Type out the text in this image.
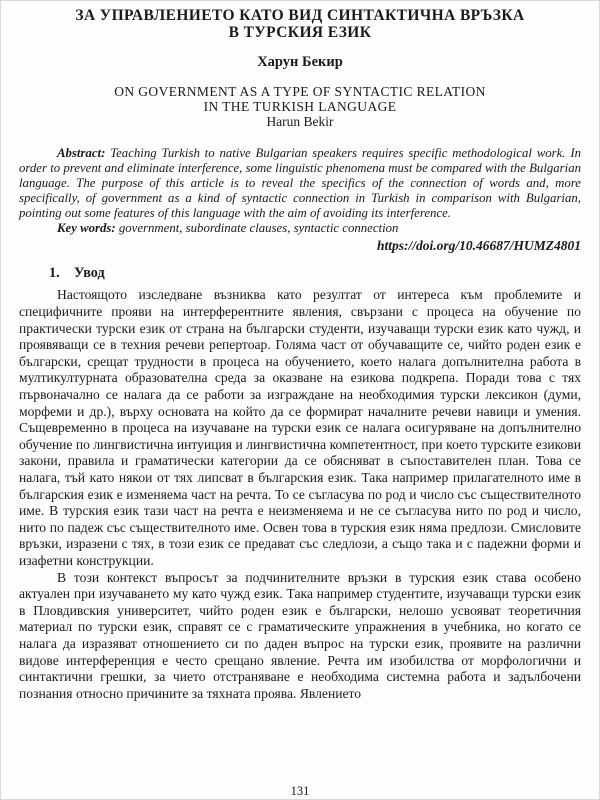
ЗА УПРАВЛЕНИЕТО КАТО ВИД СИНТАКТИЧНА ВРЪЗКА
В ТУРСКИЯ ЕЗИК

Харун Бекир

ON GOVERNMENT AS A TYPE OF SYNTACTIC RELATION
IN THE TURKISH LANGUAGE

Harun Bekir

Abstract: Teaching Turkish to native Bulgarian speakers requires specific methodological work. In order to prevent and eliminate interference, some linguistic phenomena must be compared with the Bulgarian language. The purpose of this article is to reveal the specifics of the connection of words and, more specifically, of government as a kind of syntactic connection in Turkish in comparison with Bulgarian, pointing out some features of this language with the aim of avoiding its interference.

Key words: government, subordinate clauses, syntactic connection

https://doi.org/10.46687/HUMZ4801

1. Увод

Настоящото изследване възниква като резултат от интереса към проблемите и специфичните прояви на интерферентните явления, свързани с процеса на обучение по практически турски език от страна на български студенти, изучаващи турски език като чужд, и проявяващи се в техния речеви репертоар. Голяма част от обучаващите се, чийто роден език е български, срещат трудности в процеса на обучението, което налага допълнителна работа в мултикултурната образователна среда за оказване на езикова подкрепа. Поради това с тях първоначално се налага да се работи за изграждане на необходимия турски лексикон (думи, морфеми и др.), върху основата на който да се формират началните речеви навици и умения. Същевременно в процеса на изучаване на турски език се налага осигуряване на допълнително обучение по лингвистична интуиция и лингвистична компетентност, при което турските езикови закони, правила и граматически категории да се обясняват в съпоставителен план. Това се налага, тъй като някои от тях липсват в българския език. Така например прилагателното име в българския език е изменяема част на речта. То се съгласува по род и число със съществителното име. В турския език тази част на речта е неизменяема и не се съгласува нито по род и число, нито по падеж със съществителното име. Освен това в турския език няма предлози. Смисловите връзки, изразени с тях, в този език се предават със следлози, а също така и с падежни форми и изафетни конструкции.

В този контекст въпросът за подчинителните връзки в турския език става особено актуален при изучаването му като чужд език. Така например студентите, изучаващи турски език в Пловдивския университет, чийто роден език е български, нелошо усвояват теоретичния материал по турски език, справят се с граматическите упражнения в учебника, но когато се налага да изразяват отношението си по даден въпрос на турски език, проявите на различни видове интерференция е често срещано явление. Речта им изобилства от морфологични и синтактични грешки, за чието отстраняване е необходима системна работа и задълбочени познания относно причините за тяхната проява. Явлението

131
